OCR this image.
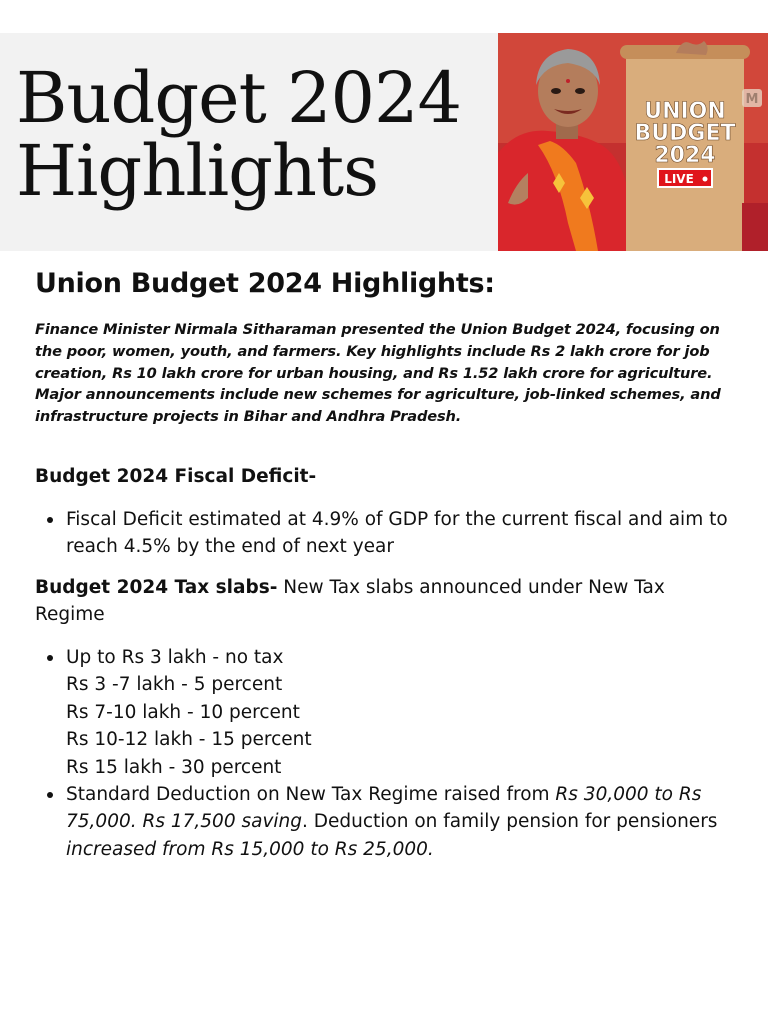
Budget 2024
Highlights
UNION
BUDGET
2024
LIVE
M
Union Budget 2024 Highlights:

Finance Minister Nirmala Sitharaman presented the Union Budget 2024, focusing on the poor, women, youth, and farmers. Key highlights include Rs 2 lakh crore for job creation, Rs 10 lakh crore for urban housing, and Rs 1.52 lakh crore for agriculture. Major announcements include new schemes for agriculture, job-linked schemes, and infrastructure projects in Bihar and Andhra Pradesh.

Budget 2024 Fiscal Deficit-

Fiscal Deficit estimated at 4.9% of GDP for the current fiscal and aim to reach 4.5% by the end of next year

Budget 2024 Tax slabs- New Tax slabs announced under New Tax Regime

Up to Rs 3 lakh - no tax
Rs 3 -7 lakh - 5 percent
Rs 7-10 lakh - 10 percent
Rs 10-12 lakh - 15 percent
Rs 15 lakh - 30 percent
Standard Deduction on New Tax Regime raised from Rs 30,000 to Rs 75,000. Rs 17,500 saving. Deduction on family pension for pensioners increased from Rs 15,000 to Rs 25,000.
